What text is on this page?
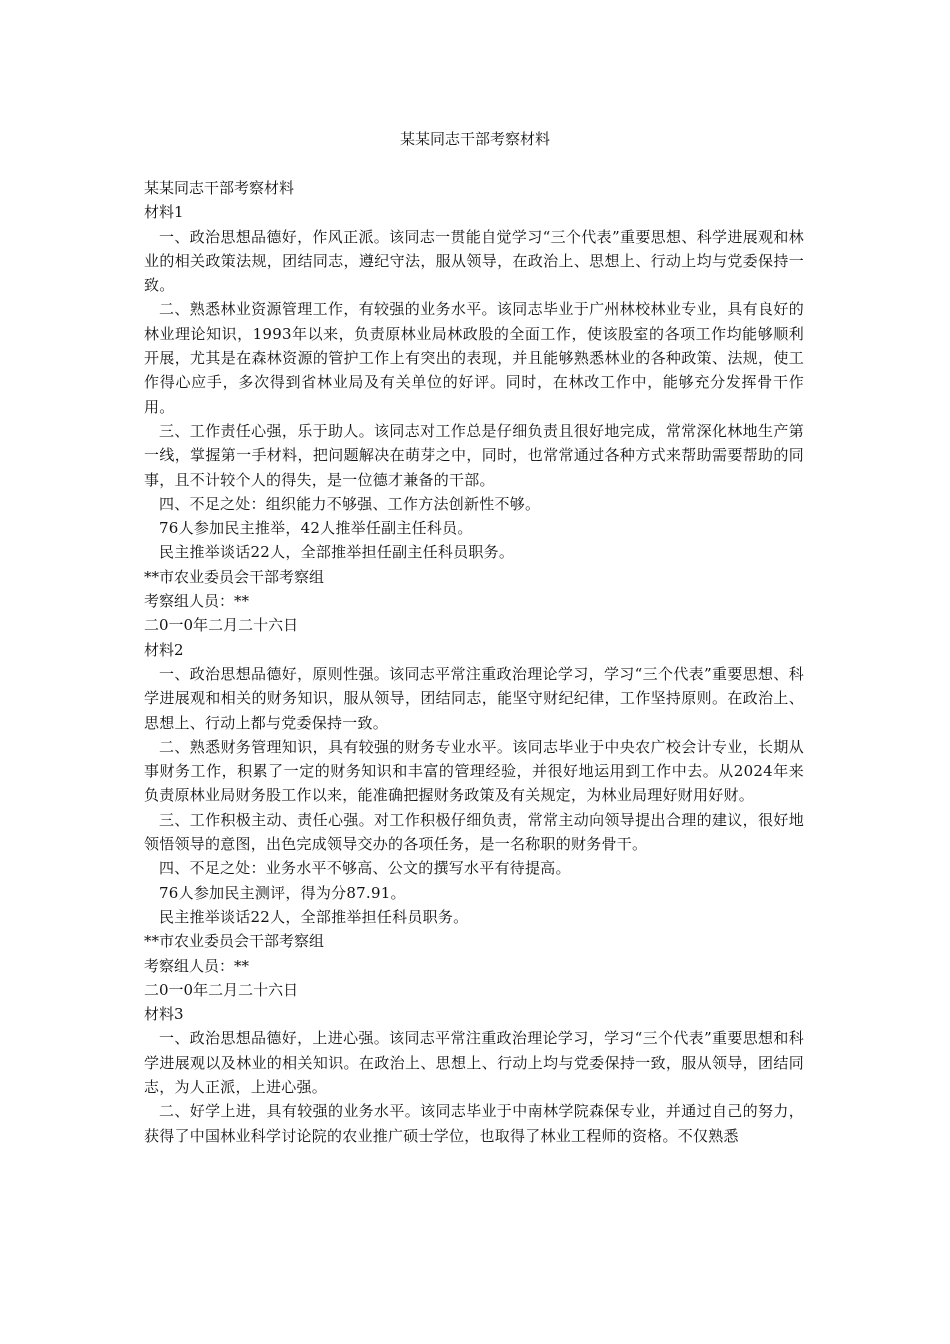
某某同志干部考察材料

某某同志干部考察材料

材料1

一、政治思想品德好，作风正派。该同志一贯能自觉学习“三个代表”重要思想、科学进展观和林业的相关政策法规，团结同志，遵纪守法，服从领导，在政治上、思想上、行动上均与党委保持一致。

二、熟悉林业资源管理工作，有较强的业务水平。该同志毕业于广州林校林业专业，具有良好的林业理论知识，1993年以来，负责原林业局林政股的全面工作，使该股室的各项工作均能够顺利开展，尤其是在森林资源的管护工作上有突出的表现，并且能够熟悉林业的各种政策、法规，使工作得心应手，多次得到省林业局及有关单位的好评。同时，在林改工作中，能够充分发挥骨干作用。

三、工作责任心强，乐于助人。该同志对工作总是仔细负责且很好地完成，常常深化林地生产第一线，掌握第一手材料，把问题解决在萌芽之中，同时，也常常通过各种方式来帮助需要帮助的同事，且不计较个人的得失，是一位德才兼备的干部。

四、不足之处：组织能力不够强、工作方法创新性不够。

76人参加民主推举，42人推举任副主任科员。

民主推举谈话22人，全部推举担任副主任科员职务。

**市农业委员会干部考察组

考察组人员：**

二0一0年二月二十六日

材料2

一、政治思想品德好，原则性强。该同志平常注重政治理论学习，学习“三个代表”重要思想、科学进展观和相关的财务知识，服从领导，团结同志，能坚守财纪纪律，工作坚持原则。在政治上、思想上、行动上都与党委保持一致。

二、熟悉财务管理知识，具有较强的财务专业水平。该同志毕业于中央农广校会计专业，长期从事财务工作，积累了一定的财务知识和丰富的管理经验，并很好地运用到工作中去。从2024年来负责原林业局财务股工作以来，能准确把握财务政策及有关规定，为林业局理好财用好财。

三、工作积极主动、责任心强。对工作积极仔细负责，常常主动向领导提出合理的建议，很好地领悟领导的意图，出色完成领导交办的各项任务，是一名称职的财务骨干。

四、不足之处：业务水平不够高、公文的撰写水平有待提高。

76人参加民主测评，得为分87.91。

民主推举谈话22人，全部推举担任科员职务。

**市农业委员会干部考察组

考察组人员：**

二0一0年二月二十六日

材料3

一、政治思想品德好，上进心强。该同志平常注重政治理论学习，学习“三个代表”重要思想和科学进展观以及林业的相关知识。在政治上、思想上、行动上均与党委保持一致，服从领导，团结同志，为人正派，上进心强。

二、好学上进，具有较强的业务水平。该同志毕业于中南林学院森保专业，并通过自己的努力，获得了中国林业科学讨论院的农业推广硕士学位，也取得了林业工程师的资格。不仅熟悉
